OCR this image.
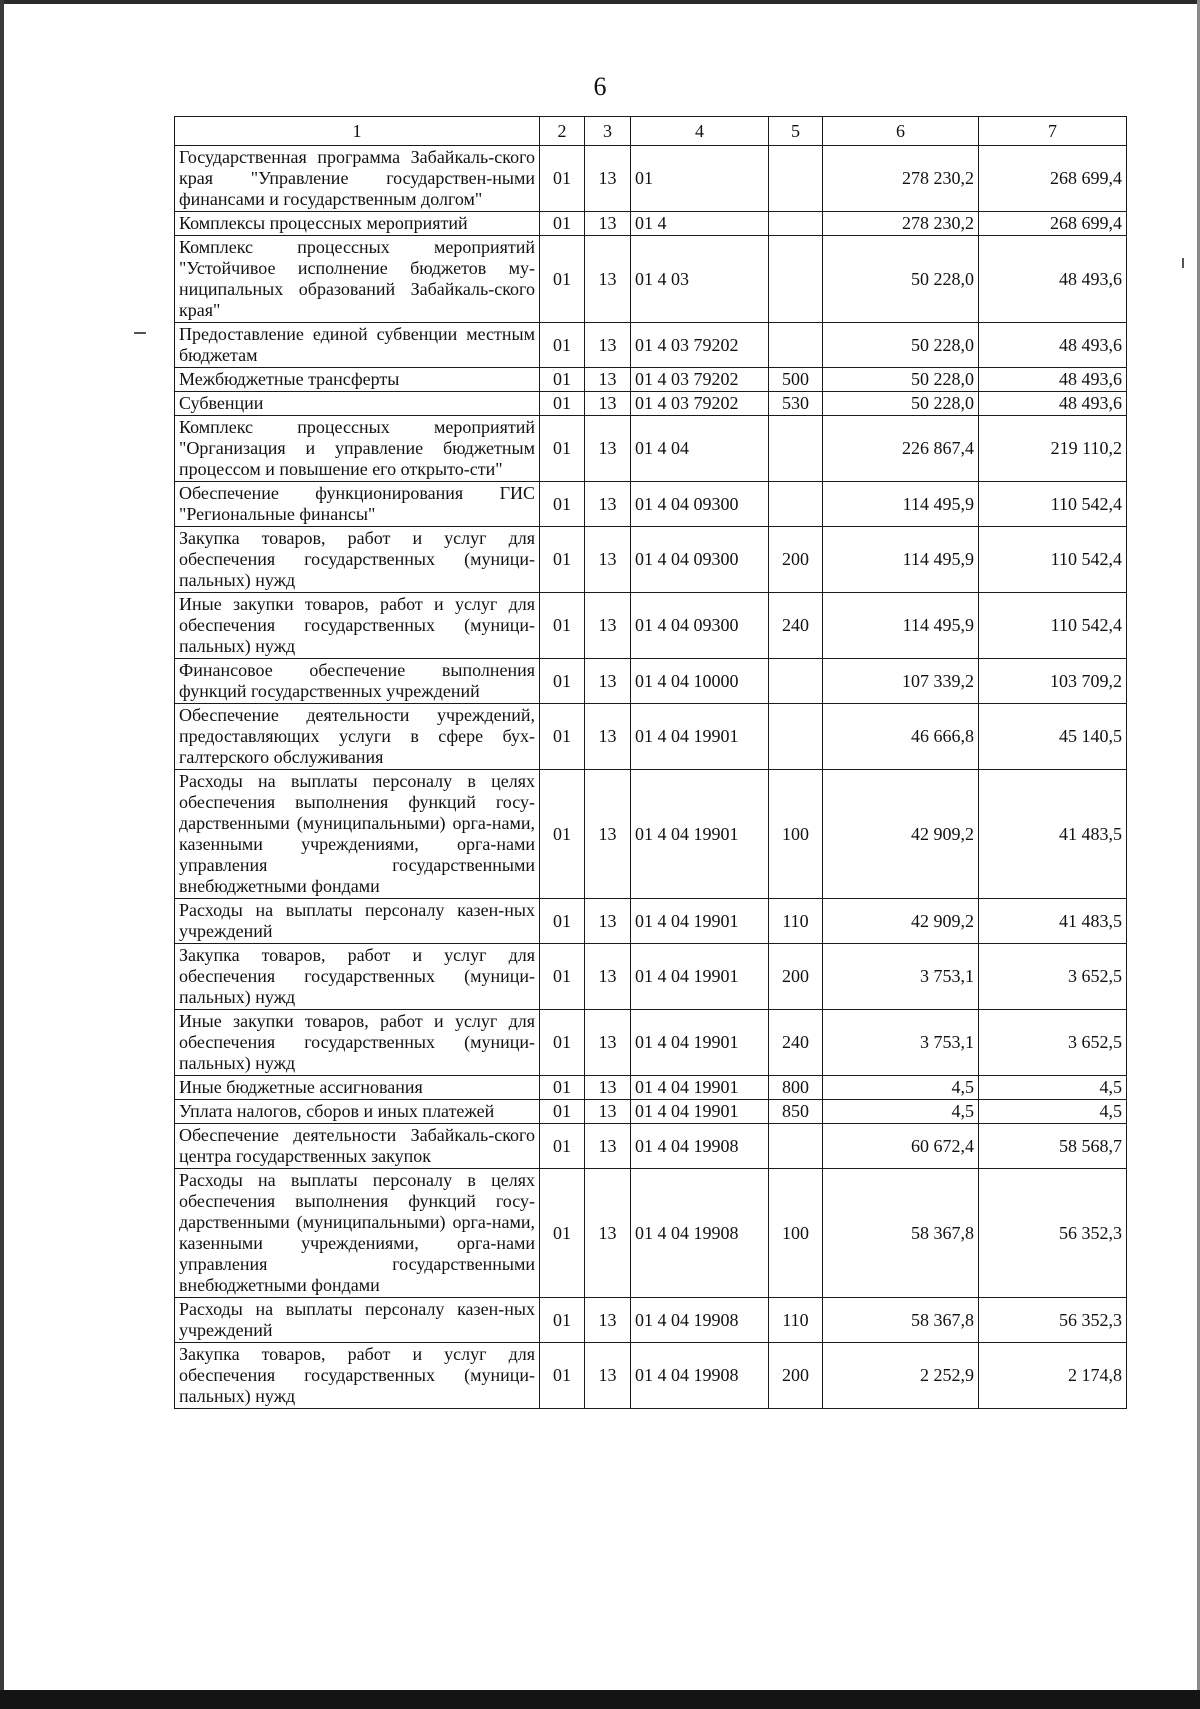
6
1	2	3	4	5	6	7
Государственная программа Забайкаль-ского края "Управление государствен-ными финансами и государственным долгом"	01	13	01		278 230,2	268 699,4
Комплексы процессных мероприятий	01	13	01 4		278 230,2	268 699,4
Комплекс процессных мероприятий "Устойчивое исполнение бюджетов му-ниципальных образований Забайкаль-ского края"	01	13	01 4 03		50 228,0	48 493,6
Предоставление единой субвенции местным бюджетам	01	13	01 4 03 79202		50 228,0	48 493,6
Межбюджетные трансферты	01	13	01 4 03 79202	500	50 228,0	48 493,6
Субвенции	01	13	01 4 03 79202	530	50 228,0	48 493,6
Комплекс процессных мероприятий "Организация и управление бюджетным процессом и повышение его открыто-сти"	01	13	01 4 04		226 867,4	219 110,2
Обеспечение функционирования ГИС "Региональные финансы"	01	13	01 4 04 09300		114 495,9	110 542,4
Закупка товаров, работ и услуг для обеспечения государственных (муници-пальных) нужд	01	13	01 4 04 09300	200	114 495,9	110 542,4
Иные закупки товаров, работ и услуг для обеспечения государственных (муници-пальных) нужд	01	13	01 4 04 09300	240	114 495,9	110 542,4
Финансовое обеспечение выполнения функций государственных учреждений	01	13	01 4 04 10000		107 339,2	103 709,2
Обеспечение деятельности учреждений, предоставляющих услуги в сфере бух-галтерского обслуживания	01	13	01 4 04 19901		46 666,8	45 140,5
Расходы на выплаты персоналу в целях обеспечения выполнения функций госу-дарственными (муниципальными) орга-нами, казенными учреждениями, орга-нами управления государственными внебюджетными фондами	01	13	01 4 04 19901	100	42 909,2	41 483,5
Расходы на выплаты персоналу казен-ных учреждений	01	13	01 4 04 19901	110	42 909,2	41 483,5
Закупка товаров, работ и услуг для обеспечения государственных (муници-пальных) нужд	01	13	01 4 04 19901	200	3 753,1	3 652,5
Иные закупки товаров, работ и услуг для обеспечения государственных (муници-пальных) нужд	01	13	01 4 04 19901	240	3 753,1	3 652,5
Иные бюджетные ассигнования	01	13	01 4 04 19901	800	4,5	4,5
Уплата налогов, сборов и иных платежей	01	13	01 4 04 19901	850	4,5	4,5
Обеспечение деятельности Забайкаль-ского центра государственных закупок	01	13	01 4 04 19908		60 672,4	58 568,7
Расходы на выплаты персоналу в целях обеспечения выполнения функций госу-дарственными (муниципальными) орга-нами, казенными учреждениями, орга-нами управления государственными внебюджетными фондами	01	13	01 4 04 19908	100	58 367,8	56 352,3
Расходы на выплаты персоналу казен-ных учреждений	01	13	01 4 04 19908	110	58 367,8	56 352,3
Закупка товаров, работ и услуг для обеспечения государственных (муници-пальных) нужд	01	13	01 4 04 19908	200	2 252,9	2 174,8
